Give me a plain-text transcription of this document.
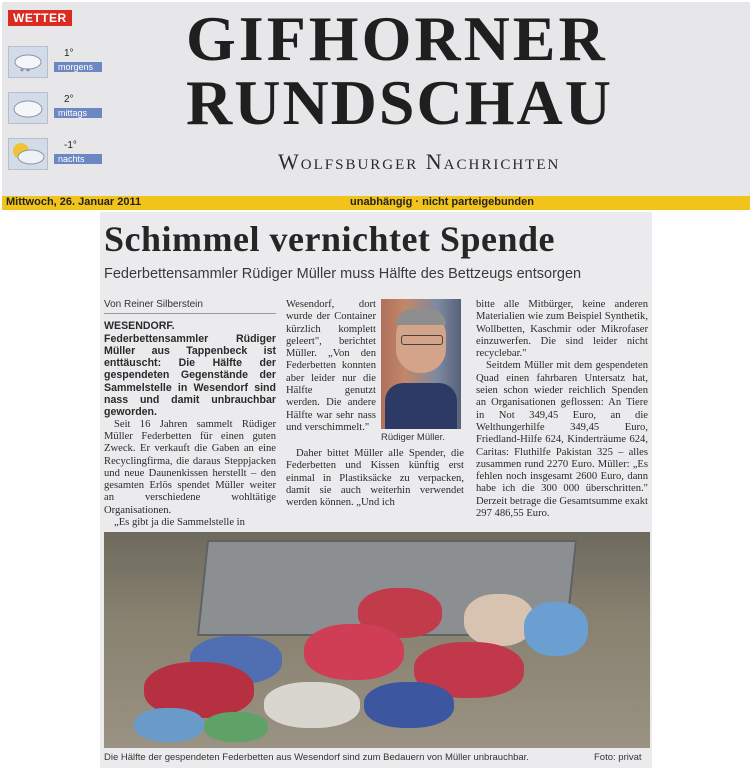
WETTER
* *
1°
morgens
2°
mittags
-1°
nachts
GIFHORNER
RUNDSCHAU
Wolfsburger Nachrichten
Mittwoch, 26. Januar 2011	unabhängig · nicht parteigebunden
Schimmel vernichtet Spende
Federbettensammler Rüdiger Müller muss Hälfte des Bettzeugs entsorgen
Von Reiner Silberstein

WESENDORF. Federbettensammler Rüdiger Müller aus Tappenbeck ist enttäuscht: Die Hälfte der gespendeten Gegenstände der Sammelstelle in Wesendorf sind nass und damit unbrauchbar geworden.

Seit 16 Jahren sammelt Rüdiger Müller Federbetten für einen guten Zweck. Er verkauft die Gaben an eine Recyclingfirma, die daraus Steppjacken und neue Daunenkissen herstellt – den gesamten Erlös spendet Müller weiter an verschiedene wohltätige Organisationen.

„Es gibt ja die Sammelstelle in

Wesendorf, dort wurde der Container kürzlich komplett geleert", berichtet Müller. „Von den Federbetten konnten aber leider nur die Hälfte genutzt werden. Die andere Hälfte war sehr nass und verschimmelt."

Daher bittet Müller alle Spender, die Federbetten und Kissen künftig erst einmal in Plastiksäcke zu verpacken, damit sie auch weiterhin verwendet werden können. „Und ich

Rüdiger Müller.

bitte alle Mitbürger, keine anderen Materialien wie zum Beispiel Synthetik, Wollbetten, Kaschmir oder Mikrofaser einzuwerfen. Die sind leider nicht recyclebar."

Seitdem Müller mit dem gespendeten Quad einen fahrbaren Untersatz hat, seien schon wieder reichlich Spenden an Organisationen geflossen: An Tiere in Not 349,45 Euro, an die Welthungerhilfe 349,45 Euro, Friedland-Hilfe 624, Kinderträume 624, Caritas: Fluthilfe Pakistan 325 – alles zusammen rund 2270 Euro. Müller: „Es fehlen noch insgesamt 2600 Euro, dann habe ich die 300 000 überschritten." Derzeit betrage die Gesamtsumme exakt 297 486,55 Euro.

Die Hälfte der gespendeten Federbetten aus Wesendorf sind zum Bedauern von Müller unbrauchbar.	Foto: privat
